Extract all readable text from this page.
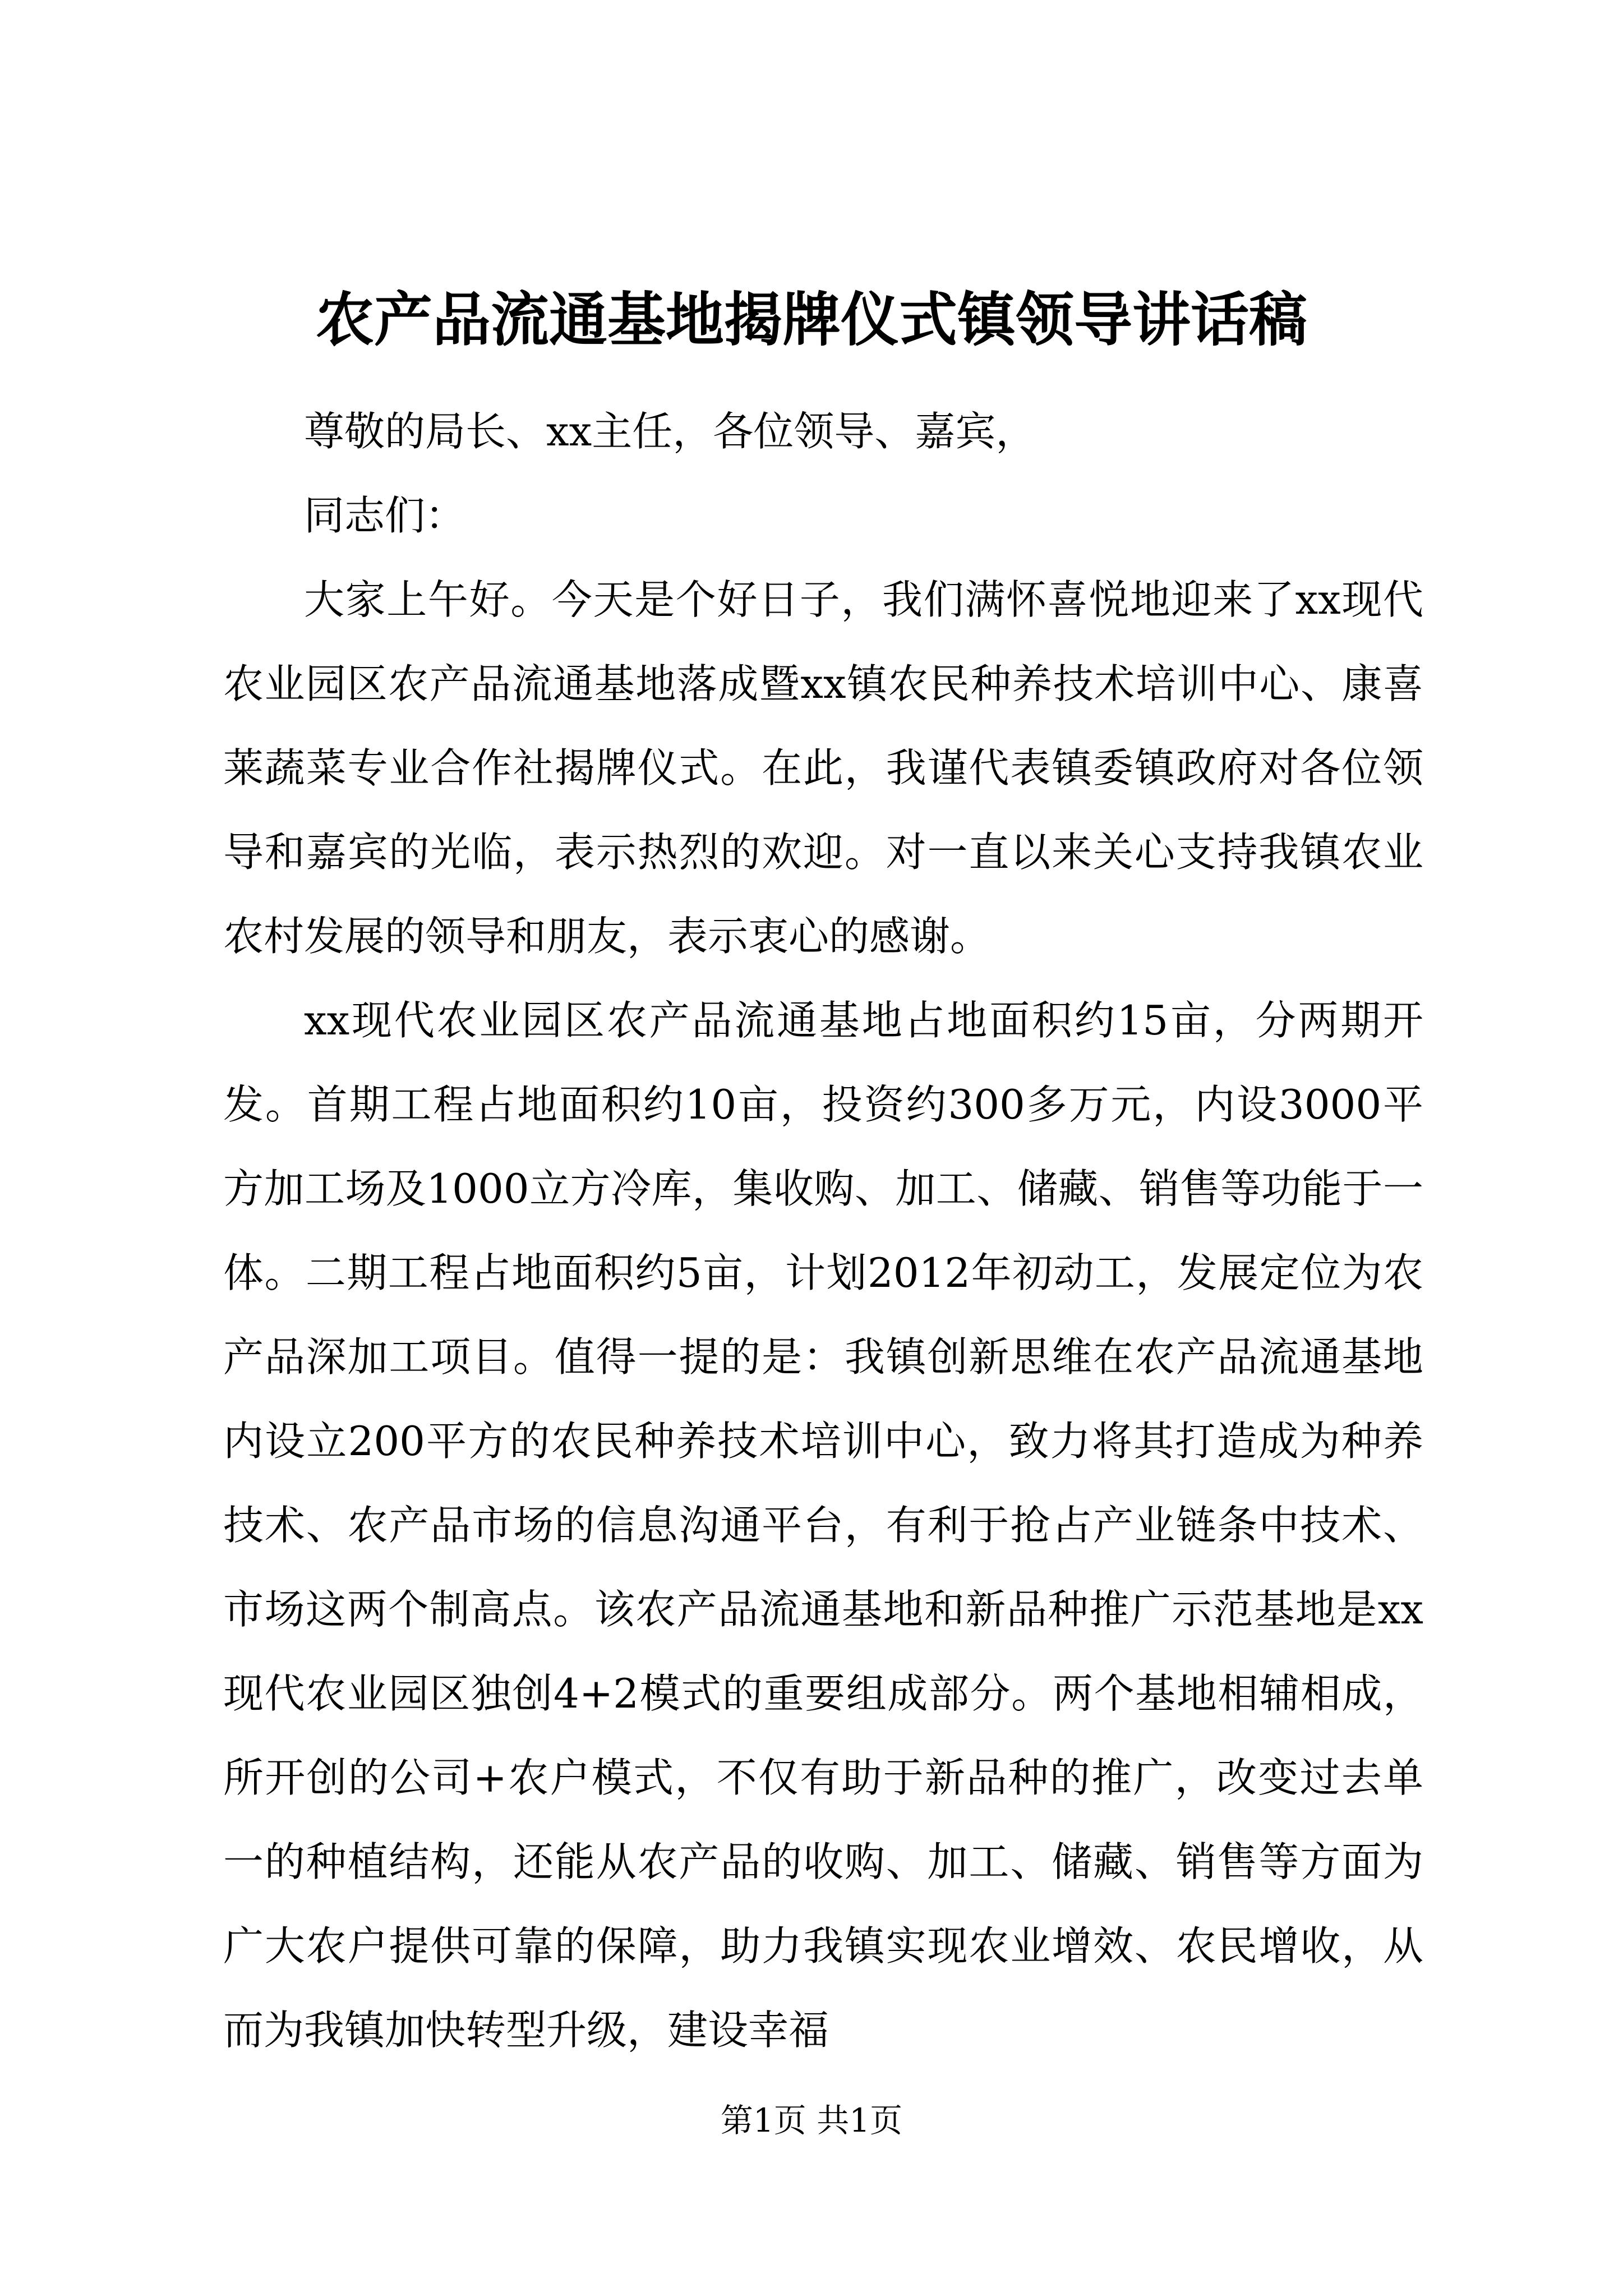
农产品流通基地揭牌仪式镇领导讲话稿

尊敬的局长、xx主任，各位领导、嘉宾，

同志们：

大家上午好。今天是个好日子，我们满怀喜悦地迎来了xx现代农业园区农产品流通基地落成暨xx镇农民种养技术培训中心、康喜莱蔬菜专业合作社揭牌仪式。在此，我谨代表镇委镇政府对各位领导和嘉宾的光临，表示热烈的欢迎。对一直以来关心支持我镇农业农村发展的领导和朋友，表示衷心的感谢。

xx现代农业园区农产品流通基地占地面积约15亩，分两期开发。首期工程占地面积约10亩，投资约300多万元，内设3000平方加工场及1000立方冷库，集收购、加工、储藏、销售等功能于一体。二期工程占地面积约5亩，计划2012年初动工，发展定位为农产品深加工项目。值得一提的是：我镇创新思维在农产品流通基地内设立200平方的农民种养技术培训中心，致力将其打造成为种养技术、农产品市场的信息沟通平台，有利于抢占产业链条中技术、市场这两个制高点。该农产品流通基地和新品种推广示范基地是xx现代农业园区独创4+2模式的重要组成部分。两个基地相辅相成，所开创的公司+农户模式，不仅有助于新品种的推广，改变过去单一的种植结构，还能从农产品的收购、加工、储藏、销售等方面为广大农户提供可靠的保障，助力我镇实现农业增效、农民增收，从而为我镇加快转型升级，建设幸福

第1页 共1页
